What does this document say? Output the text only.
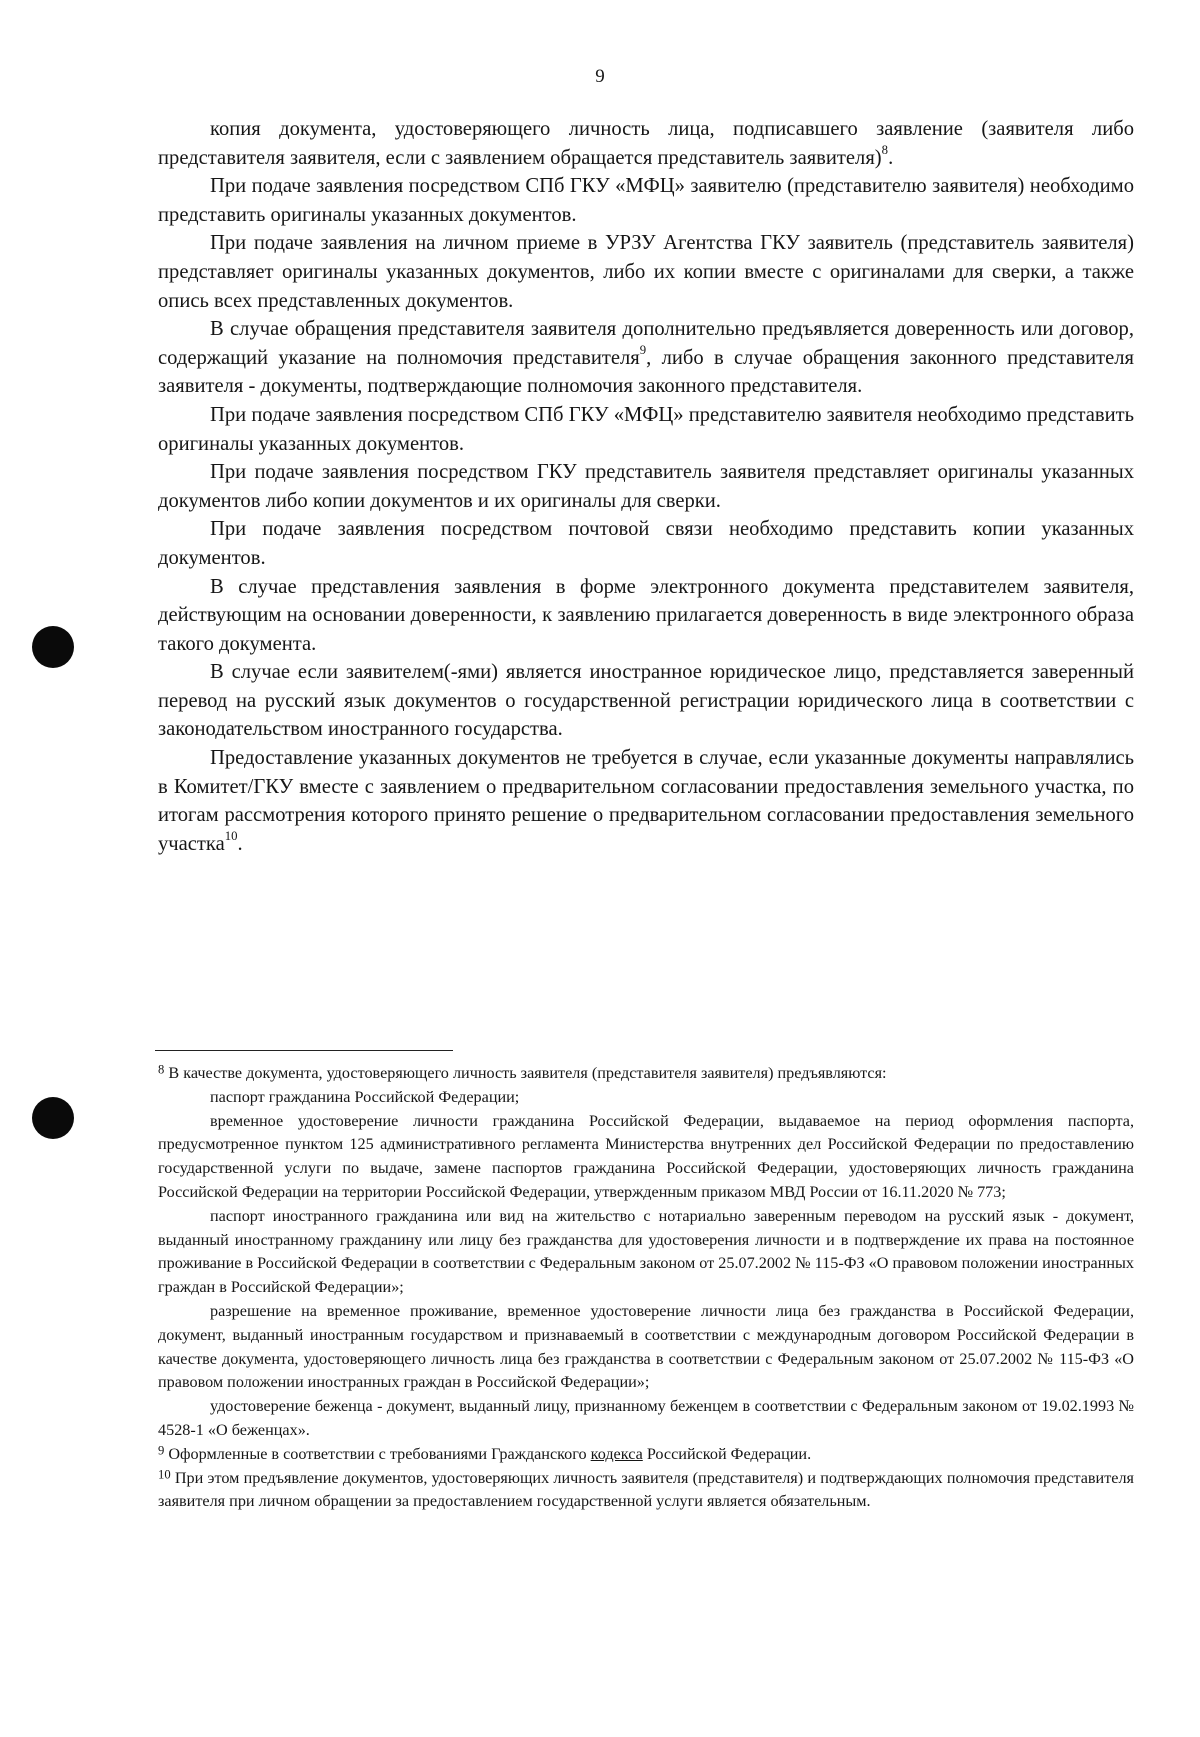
9

копия документа, удостоверяющего личность лица, подписавшего заявление (заявителя либо представителя заявителя, если с заявлением обращается представитель заявителя)$^8$.

При подаче заявления посредством СПб ГКУ «МФЦ» заявителю (представителю заявителя) необходимо представить оригиналы указанных документов.

При подаче заявления на личном приеме в УРЗУ Агентства ГКУ заявитель (представитель заявителя) представляет оригиналы указанных документов, либо их копии вместе с оригиналами для сверки, а также опись всех представленных документов.

В случае обращения представителя заявителя дополнительно предъявляется доверенность или договор, содержащий указание на полномочия представителя$^9$, либо в случае обращения законного представителя заявителя - документы, подтверждающие полномочия законного представителя.

При подаче заявления посредством СПб ГКУ «МФЦ» представителю заявителя необходимо представить оригиналы указанных документов.

При подаче заявления посредством ГКУ представитель заявителя представляет оригиналы указанных документов либо копии документов и их оригиналы для сверки.

При подаче заявления посредством почтовой связи необходимо представить копии указанных документов.

В случае представления заявления в форме электронного документа представителем заявителя, действующим на основании доверенности, к заявлению прилагается доверенность в виде электронного образа такого документа.

В случае если заявителем(-ями) является иностранное юридическое лицо, представляется заверенный перевод на русский язык документов о государственной регистрации юридического лица в соответствии с законодательством иностранного государства.

Предоставление указанных документов не требуется в случае, если указанные документы направлялись в Комитет/ГКУ вместе с заявлением о предварительном согласовании предоставления земельного участка, по итогам рассмотрения которого принято решение о предварительном согласовании предоставления земельного участка$^{10}$.

$^8$ В качестве документа, удостоверяющего личность заявителя (представителя заявителя) предъявляются:

паспорт гражданина Российской Федерации;

временное удостоверение личности гражданина Российской Федерации, выдаваемое на период оформления паспорта, предусмотренное пунктом 125 административного регламента Министерства внутренних дел Российской Федерации по предоставлению государственной услуги по выдаче, замене паспортов гражданина Российской Федерации, удостоверяющих личность гражданина Российской Федерации на территории Российской Федерации, утвержденным приказом МВД России от 16.11.2020 № 773;

паспорт иностранного гражданина или вид на жительство с нотариально заверенным переводом на русский язык - документ, выданный иностранному гражданину или лицу без гражданства для удостоверения личности и в подтверждение их права на постоянное проживание в Российской Федерации в соответствии с Федеральным законом от 25.07.2002 № 115-ФЗ «О правовом положении иностранных граждан в Российской Федерации»;

разрешение на временное проживание, временное удостоверение личности лица без гражданства в Российской Федерации, документ, выданный иностранным государством и признаваемый в соответствии с международным договором Российской Федерации в качестве документа, удостоверяющего личность лица без гражданства в соответствии с Федеральным законом от 25.07.2002 № 115-ФЗ «О правовом положении иностранных граждан в Российской Федерации»;

удостоверение беженца - документ, выданный лицу, признанному беженцем в соответствии с Федеральным законом от 19.02.1993 № 4528-1 «О беженцах».

$^9$ Оформленные в соответствии с требованиями Гражданского кодекса Российской Федерации.

$^{10}$ При этом предъявление документов, удостоверяющих личность заявителя (представителя) и подтверждающих полномочия представителя заявителя при личном обращении за предоставлением государственной услуги является обязательным.
